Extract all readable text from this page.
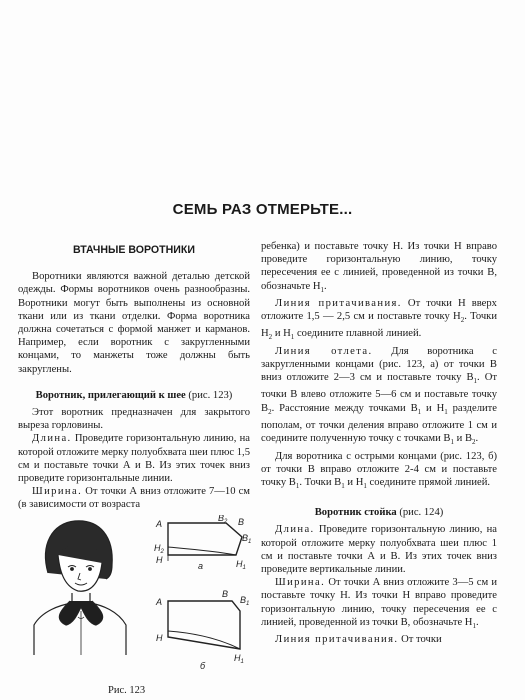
СЕМЬ РАЗ ОТМЕРЬТЕ...

ВТАЧНЫЕ ВОРОТНИКИ

Воротники являются важной деталью детской одежды. Формы воротников очень разнообразны. Воротники могут быть выполнены из основной ткани или из ткани отделки. Форма воротника должна сочетаться с формой манжет и карманов. Например, если воротник с закругленными концами, то манжеты тоже должны быть закруглены.

Воротник, прилегающий к шее (рис. 123)

Этот воротник предназначен для закрытого выреза горловины.

Длина. Проведите горизонтальную линию, на которой отложите мерку полуобхвата шеи плюс 1,5 см и поставьте точки А и В. Из этих точек вниз проведите горизонтальные линии.

Ширина. От точки А вниз отложите 7—10 см (в зависимости от возраста

A
$B_2$ B
$B_1$
$H_2$
H
a	$H_1$
A
B
$B_1$
H
$H_1$
б
Рис. 123

ребенка) и поставьте точку Н. Из точки Н вправо проведите горизонтальную линию, точку пересечения ее с линией, проведенной из точки В, обозначьте $Н_1$.

Линия притачивания. От точки Н вверх отложите 1,5 — 2,5 см и поставьте точку $Н_2$. Точки $Н_2$ и $Н_1$ соедините плавной линией.

Линия отлета. Для воротника с закругленными концами (рис. 123, а) от точки В вниз отложите 2—3 см и поставьте точку $В_1$. От точки В влево отложите 5—6 см и поставьте точку $В_2$. Расстояние между точками $В_1$ и $Н_1$ разделите пополам, от точки деления вправо отложите 1 см и соедините полученную точку с точками $В_1$ и $В_2$.

Для воротника с острыми концами (рис. 123, б) от точки В вправо отложите 2-4 см и поставьте точку $В_1$. Точки $В_1$ и $Н_1$ соедините прямой линией.

Воротник стойка (рис. 124)

Длина. Проведите горизонтальную линию, на которой отложите мерку полуобхвата шеи плюс 1 см и поставьте точки А и В. Из этих точек вниз проведите вертикальные линии.

Ширина. От точки А вниз отложите 3—5 см и поставьте точку Н. Из точки Н вправо проведите горизонтальную линию, точку пересечения ее с линией, проведенной из точки В, обозначьте $Н_1$.

Линия притачивания. От точки
